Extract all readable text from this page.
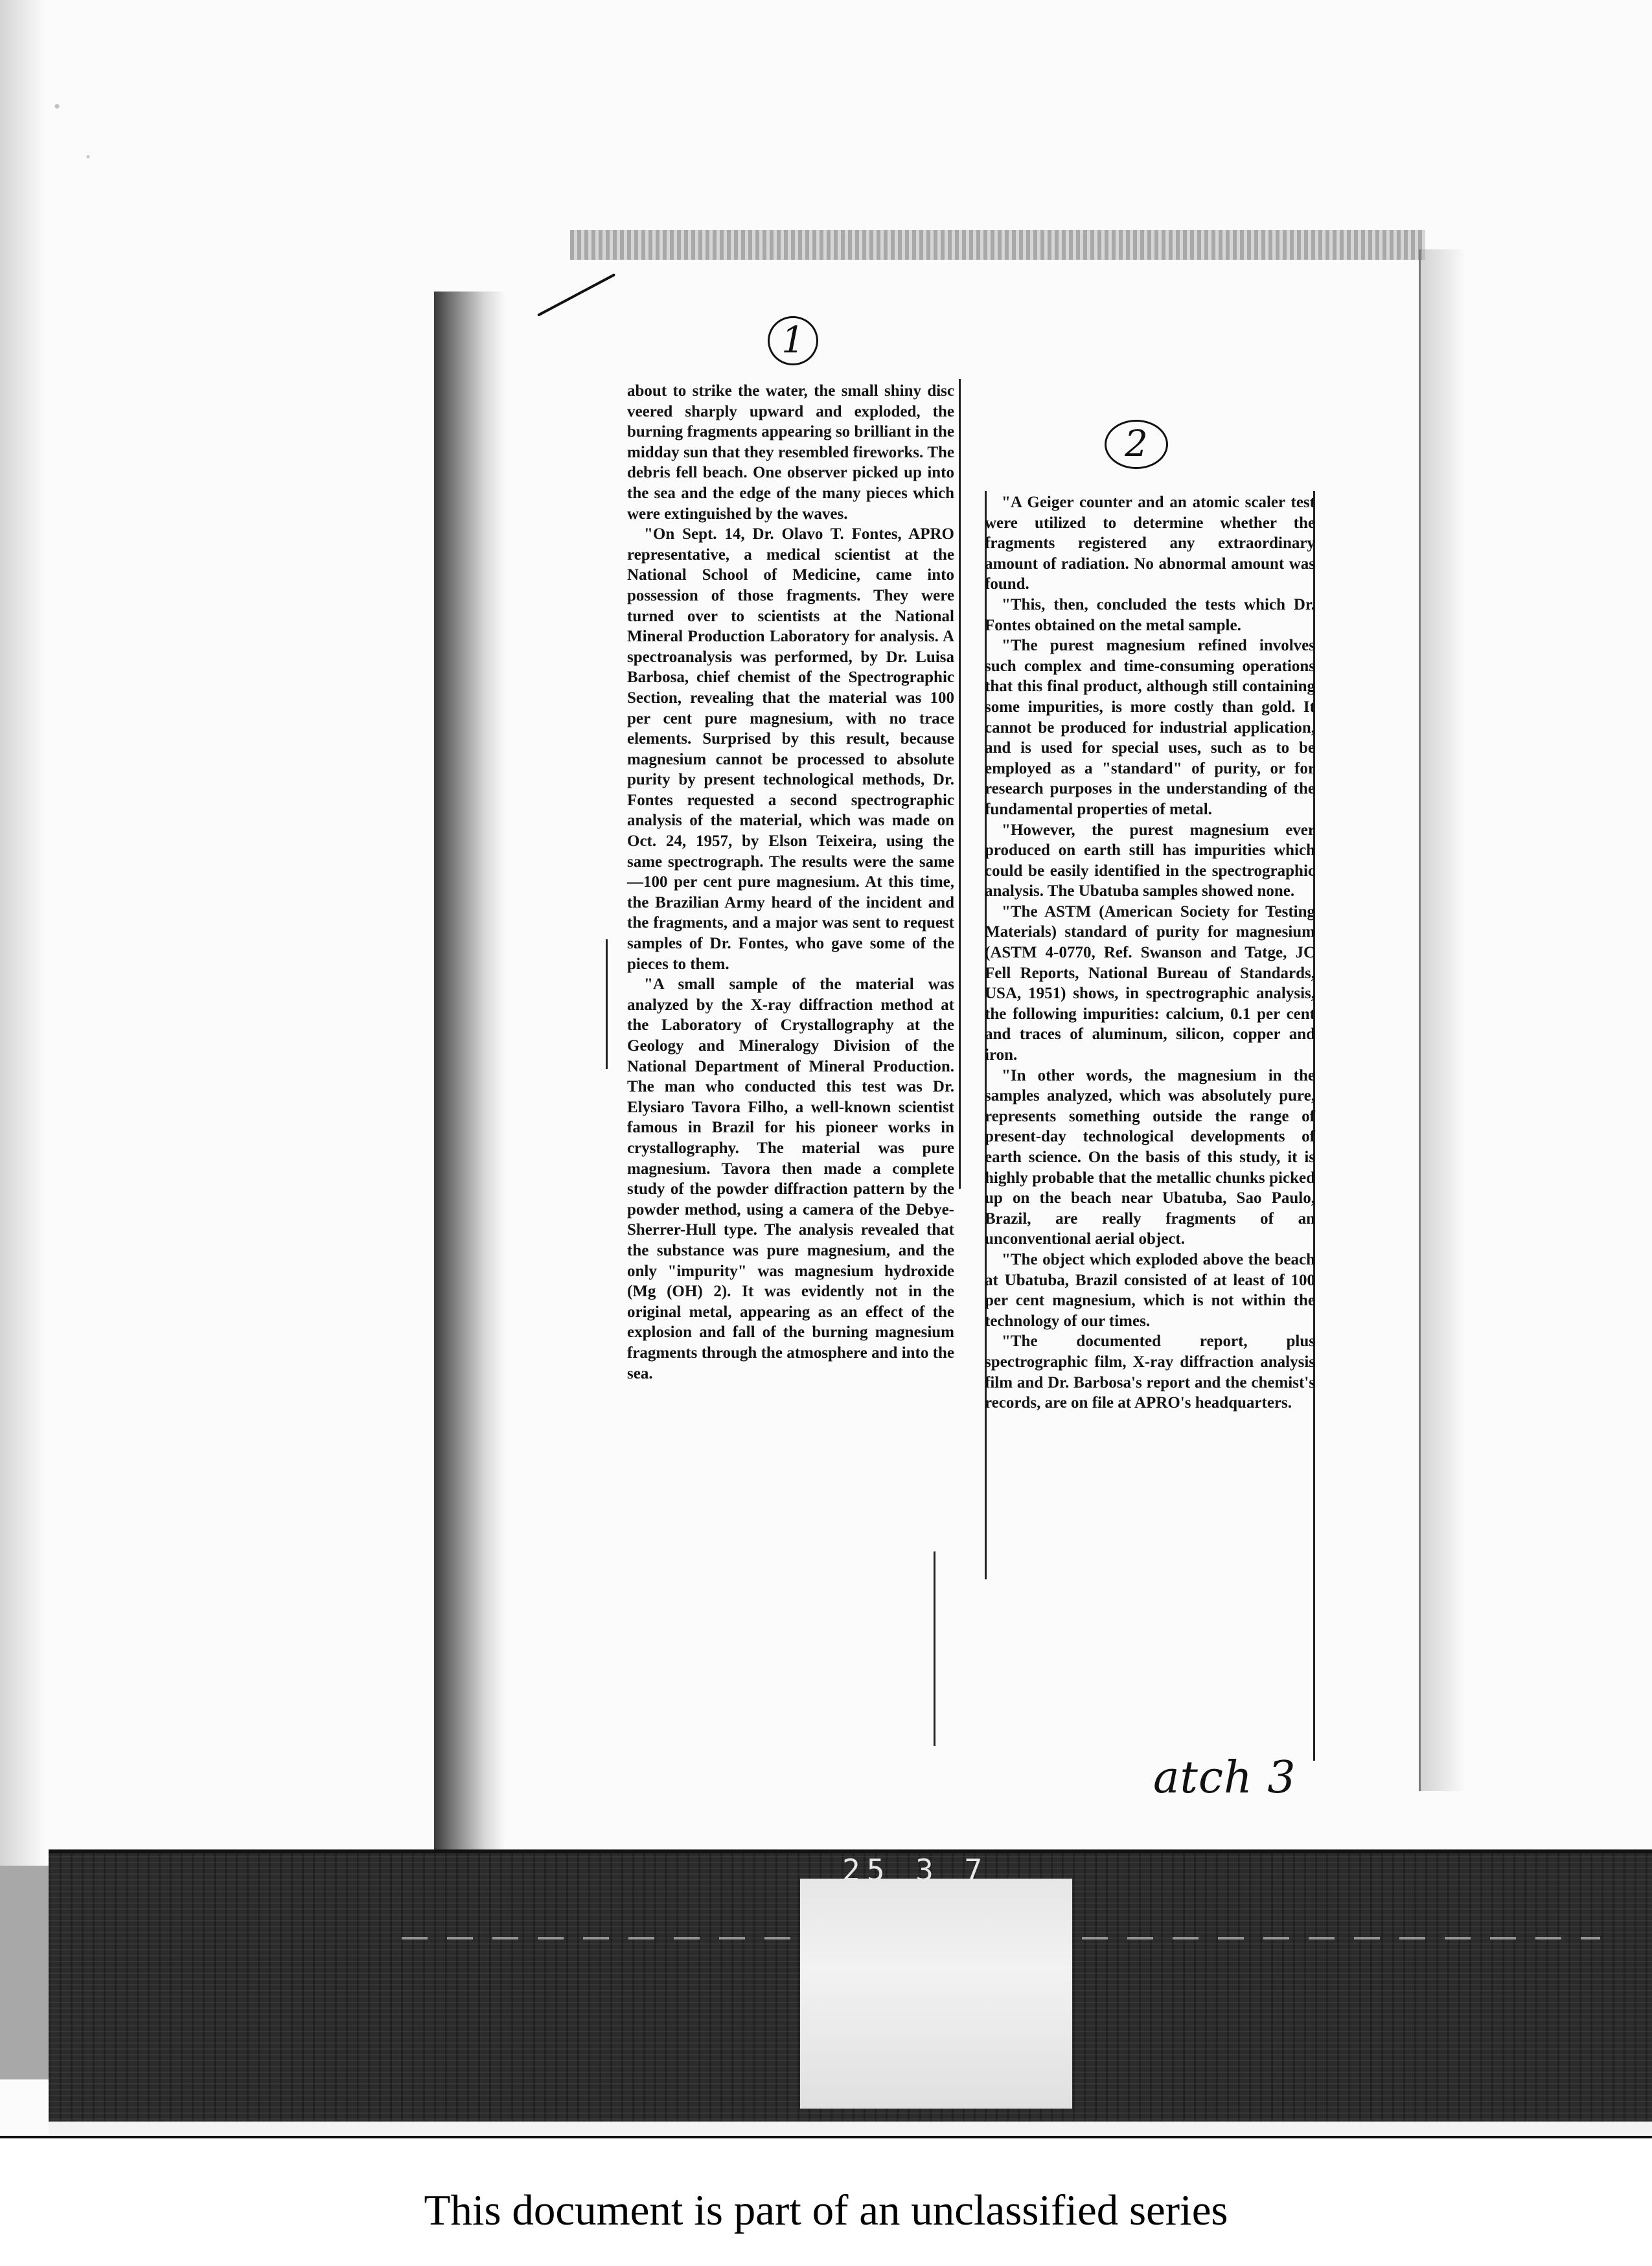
1
2

about to strike the water, the small shiny disc veered sharply upward and exploded, the burning fragments appearing so brilliant in the midday sun that they resembled fireworks. The debris fell beach. One observer picked up into the sea and the edge of the many pieces which were extinguished by the waves.

"On Sept. 14, Dr. Olavo T. Fontes, APRO representative, a medical scientist at the National School of Medicine, came into possession of those fragments. They were turned over to scientists at the National Mineral Production Laboratory for analysis. A spectroanalysis was performed, by Dr. Luisa Barbosa, chief chemist of the Spectrographic Section, revealing that the material was 100 per cent pure magnesium, with no trace elements. Surprised by this result, because magnesium cannot be processed to absolute purity by present technological methods, Dr. Fontes requested a second spectrographic analysis of the material, which was made on Oct. 24, 1957, by Elson Teixeira, using the same spectrograph. The results were the same—100 per cent pure magnesium. At this time, the Brazilian Army heard of the incident and the fragments, and a major was sent to request samples of Dr. Fontes, who gave some of the pieces to them.

"A small sample of the material was analyzed by the X-ray diffraction method at the Laboratory of Crystallography at the Geology and Mineralogy Division of the National Department of Mineral Production. The man who conducted this test was Dr. Elysiaro Tavora Filho, a well-known scientist famous in Brazil for his pioneer works in crystallography. The material was pure magnesium. Tavora then made a complete study of the powder diffraction pattern by the powder method, using a camera of the Debye-Sherrer-Hull type. The analysis revealed that the substance was pure magnesium, and the only "impurity" was magnesium hydroxide (Mg (OH) 2). It was evidently not in the original metal, appearing as an effect of the explosion and fall of the burning magnesium fragments through the atmosphere and into the sea.

"A Geiger counter and an atomic scaler test were utilized to determine whether the fragments registered any extraordinary amount of radiation. No abnormal amount was found.

"This, then, concluded the tests which Dr. Fontes obtained on the metal sample.

"The purest magnesium refined involves such complex and time-consuming operations that this final product, although still containing some impurities, is more costly than gold. It cannot be produced for industrial application, and is used for special uses, such as to be employed as a "standard" of purity, or for research purposes in the understanding of the fundamental properties of metal.

"However, the purest magnesium ever produced on earth still has impurities which could be easily identified in the spectrographic analysis. The Ubatuba samples showed none.

"The ASTM (American Society for Testing Materials) standard of purity for magnesium (ASTM 4-0770, Ref. Swanson and Tatge, JC Fell Reports, National Bureau of Standards, USA, 1951) shows, in spectrographic analysis, the following impurities: calcium, 0.1 per cent and traces of aluminum, silicon, copper and iron.

"In other words, the magnesium in the samples analyzed, which was absolutely pure, represents something outside the range of present-day technological developments of earth science. On the basis of this study, it is highly probable that the metallic chunks picked up on the beach near Ubatuba, Sao Paulo, Brazil, are really fragments of an unconventional aerial object.

"The object which exploded above the beach at Ubatuba, Brazil consisted of at least of 100 per cent magnesium, which is not within the technology of our times.

"The documented report, plus spectrographic film, X-ray diffraction analysis film and Dr. Barbosa's report and the chemist's records, are on file at APRO's headquarters.

atch 3
25 3 7
This document is part of an unclassified series
